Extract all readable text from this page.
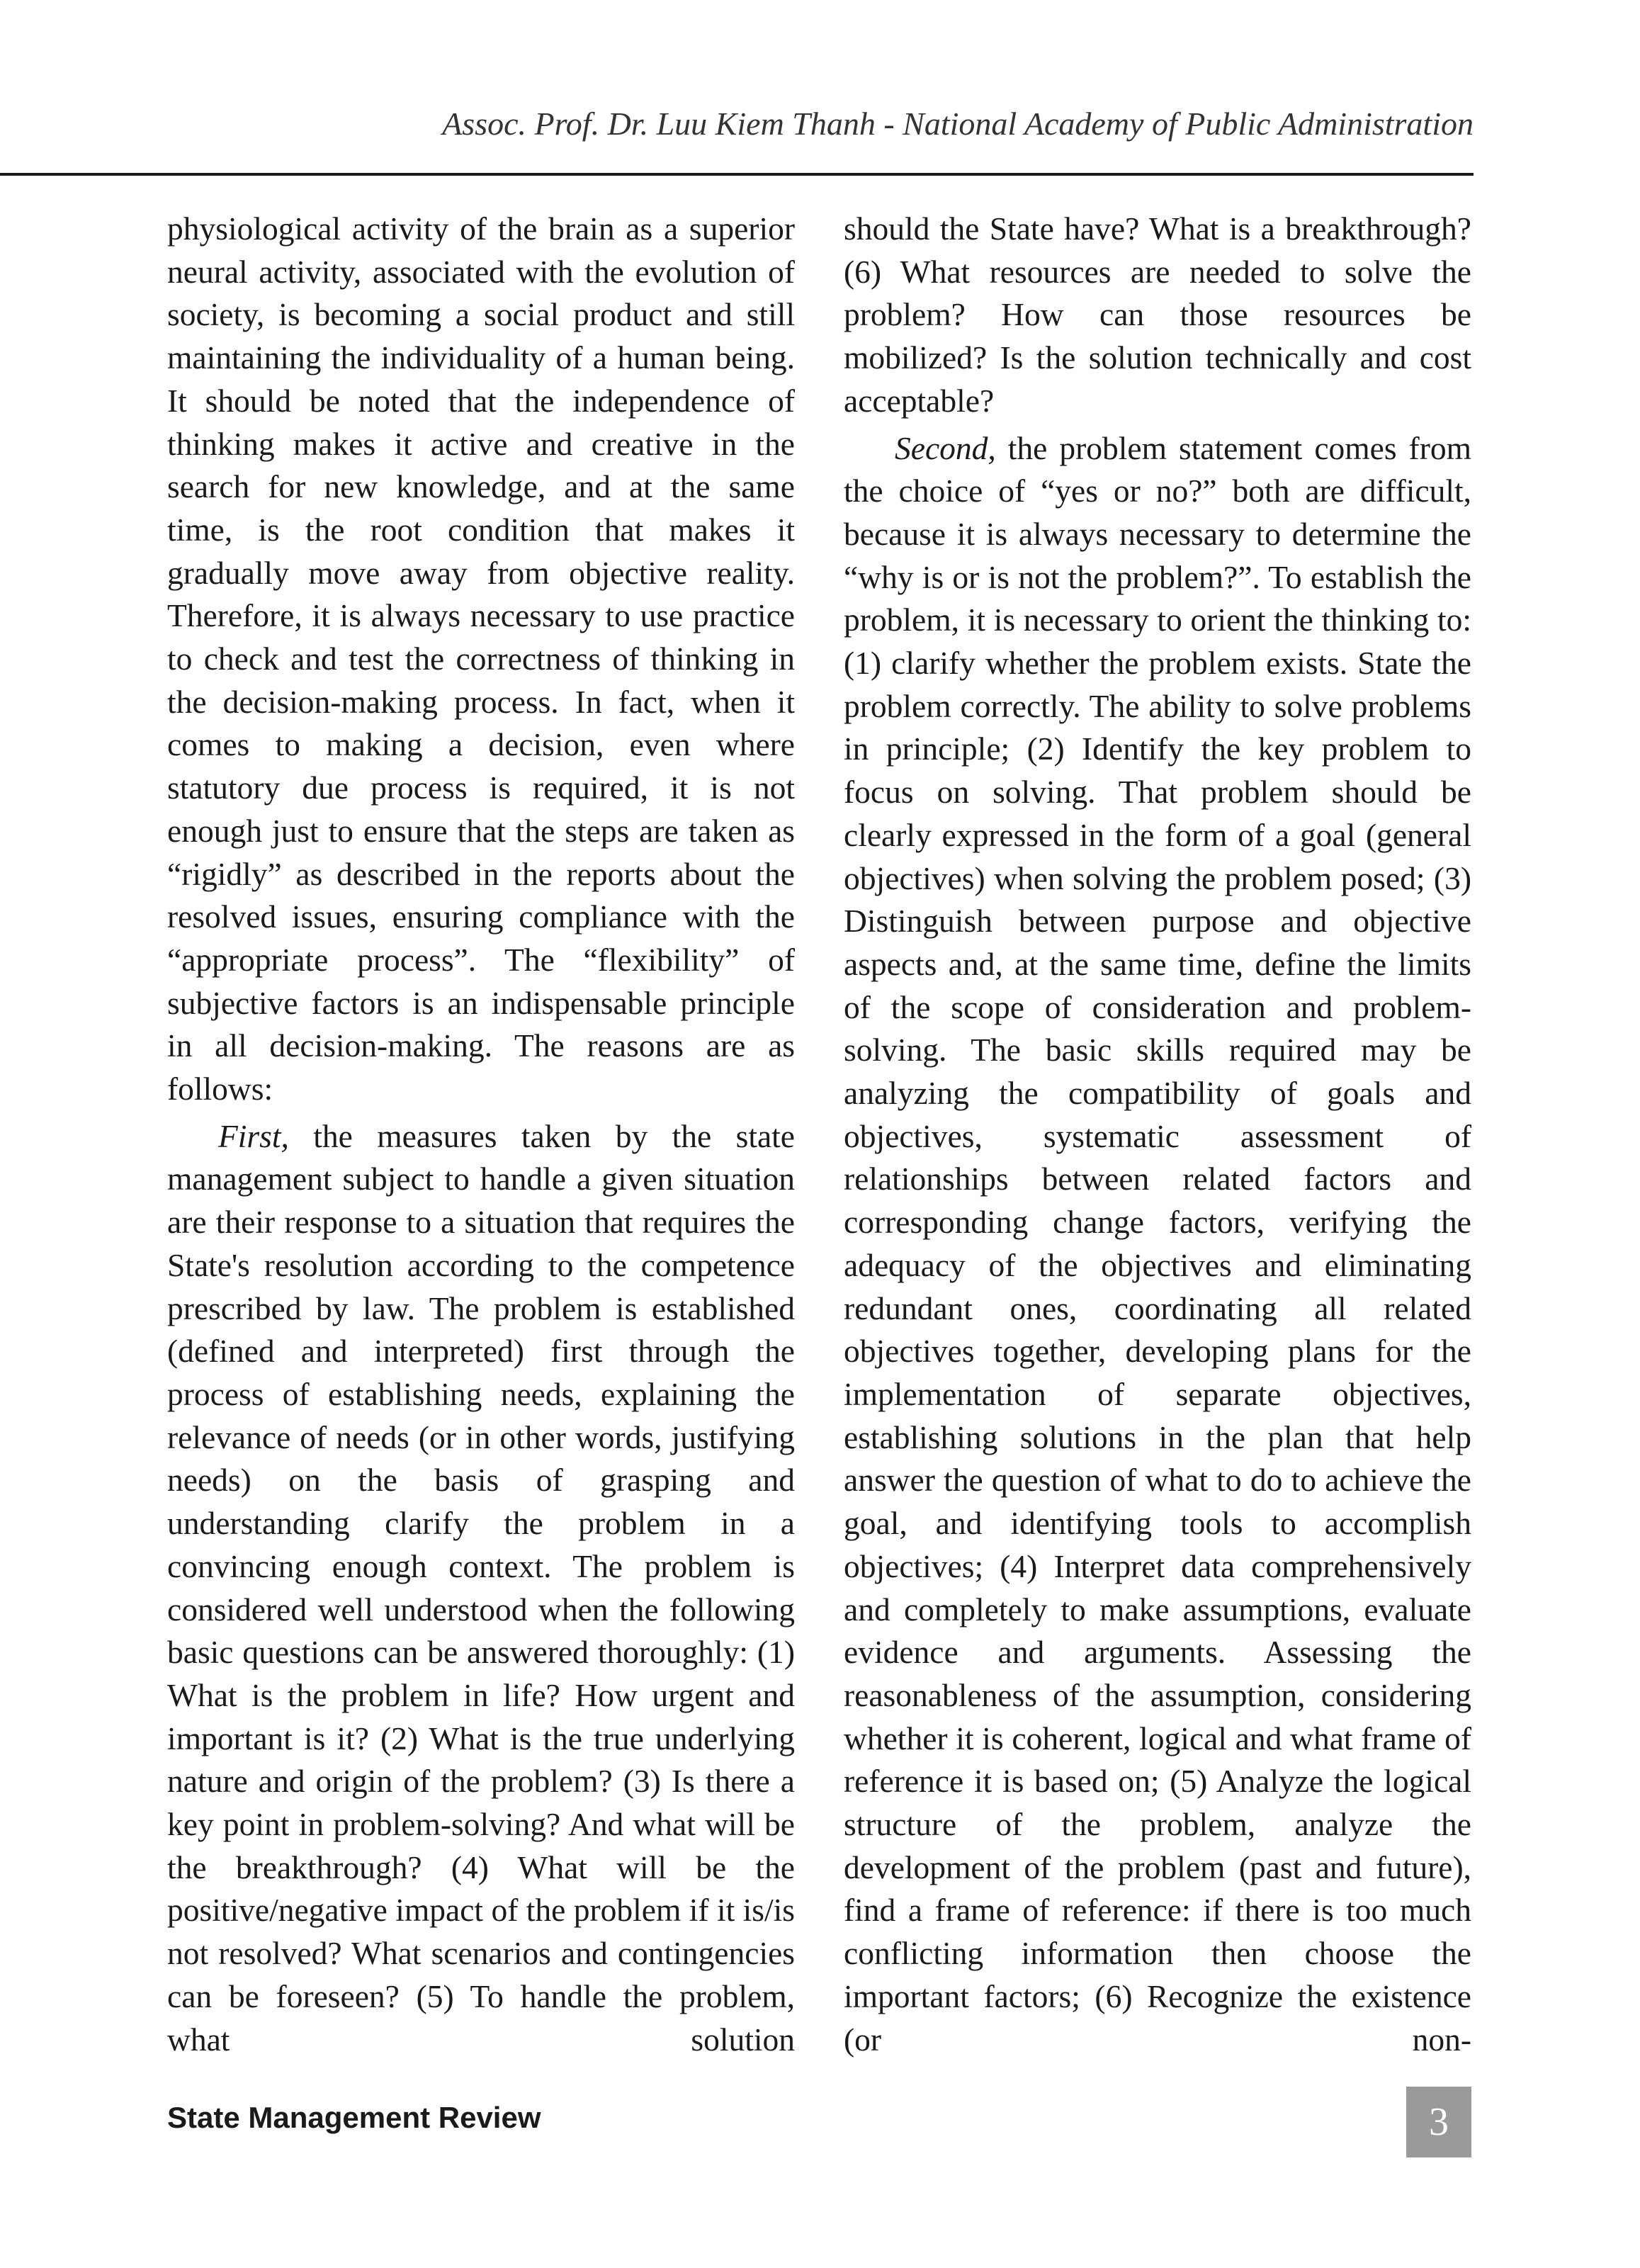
Assoc. Prof. Dr. Luu Kiem Thanh - National Academy of Public Administration

physiological activity of the brain as a superior neural activity, associated with the evolution of society, is becoming a social product and still maintaining the individuality of a human being. It should be noted that the independence of thinking makes it active and creative in the search for new knowledge, and at the same time, is the root condition that makes it gradually move away from objective reality. Therefore, it is always necessary to use practice to check and test the correctness of thinking in the decision-making process. In fact, when it comes to making a decision, even where statutory due process is required, it is not enough just to ensure that the steps are taken as “rigidly” as described in the reports about the resolved issues, ensuring compliance with the “appropriate process”. The “flexibility” of subjective factors is an indispensable principle in all decision-making. The reasons are as follows:

First, the measures taken by the state management subject to handle a given situation are their response to a situation that requires the State's resolution according to the competence prescribed by law. The problem is established (defined and interpreted) first through the process of establishing needs, explaining the relevance of needs (or in other words, justifying needs) on the basis of grasping and understanding clarify the problem in a convincing enough context. The problem is considered well understood when the following basic questions can be answered thoroughly: (1) What is the problem in life? How urgent and important is it? (2) What is the true underlying nature and origin of the problem? (3) Is there a key point in problem-solving? And what will be the breakthrough? (4) What will be the positive/negative impact of the problem if it is/is not resolved? What scenarios and contingencies can be foreseen? (5) To handle the problem, what solution

should the State have? What is a breakthrough? (6) What resources are needed to solve the problem? How can those resources be mobilized? Is the solution technically and cost acceptable?

Second, the problem statement comes from the choice of “yes or no?” both are difficult, because it is always necessary to determine the “why is or is not the problem?”. To establish the problem, it is necessary to orient the thinking to: (1) clarify whether the problem exists. State the problem correctly. The ability to solve problems in principle; (2) Identify the key problem to focus on solving. That problem should be clearly expressed in the form of a goal (general objectives) when solving the problem posed; (3) Distinguish between purpose and objective aspects and, at the same time, define the limits of the scope of consideration and problem-solving. The basic skills required may be analyzing the compatibility of goals and objectives, systematic assessment of relationships between related factors and corresponding change factors, verifying the adequacy of the objectives and eliminating redundant ones, coordinating all related objectives together, developing plans for the implementation of separate objectives, establishing solutions in the plan that help answer the question of what to do to achieve the goal, and identifying tools to accomplish objectives; (4) Interpret data comprehensively and completely to make assumptions, evaluate evidence and arguments. Assessing the reasonableness of the assumption, considering whether it is coherent, logical and what frame of reference it is based on; (5) Analyze the logical structure of the problem, analyze the development of the problem (past and future), find a frame of reference: if there is too much conflicting information then choose the important factors; (6) Recognize the existence (or non-

State Management Review	3
